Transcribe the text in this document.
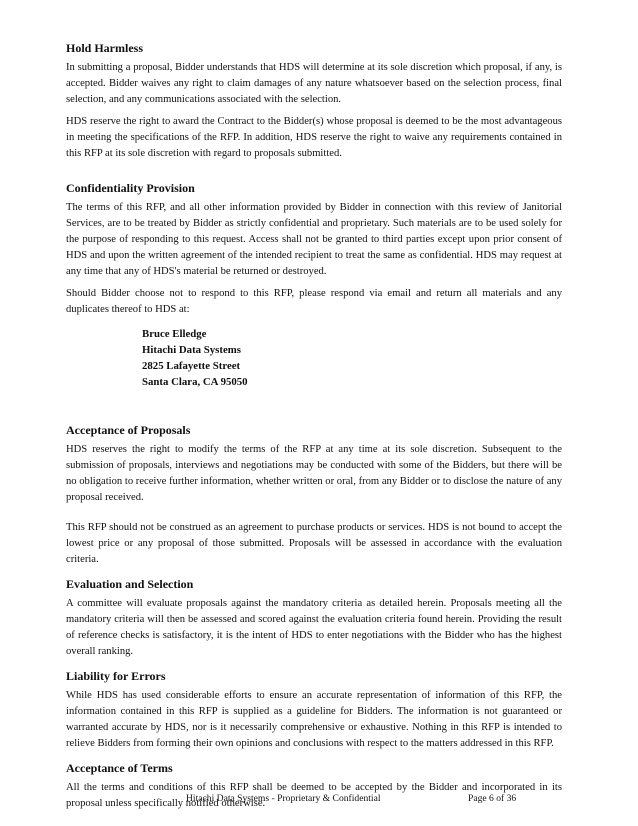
Hold Harmless

In submitting a proposal, Bidder understands that HDS will determine at its sole discretion which proposal, if any, is accepted. Bidder waives any right to claim damages of any nature whatsoever based on the selection process, final selection, and any communications associated with the selection.

HDS reserve the right to award the Contract to the Bidder(s) whose proposal is deemed to be the most advantageous in meeting the specifications of the RFP. In addition, HDS reserve the right to waive any requirements contained in this RFP at its sole discretion with regard to proposals submitted.

Confidentiality Provision

The terms of this RFP, and all other information provided by Bidder in connection with this review of Janitorial Services, are to be treated by Bidder as strictly confidential and proprietary. Such materials are to be used solely for the purpose of responding to this request. Access shall not be granted to third parties except upon prior consent of HDS and upon the written agreement of the intended recipient to treat the same as confidential. HDS may request at any time that any of HDS's material be returned or destroyed.

Should Bidder choose not to respond to this RFP, please respond via email and return all materials and any duplicates thereof to HDS at:

Bruce Elledge
Hitachi Data Systems
2825 Lafayette Street
Santa Clara, CA 95050
Acceptance of Proposals

HDS reserves the right to modify the terms of the RFP at any time at its sole discretion. Subsequent to the submission of proposals, interviews and negotiations may be conducted with some of the Bidders, but there will be no obligation to receive further information, whether written or oral, from any Bidder or to disclose the nature of any proposal received.

This RFP should not be construed as an agreement to purchase products or services. HDS is not bound to accept the lowest price or any proposal of those submitted. Proposals will be assessed in accordance with the evaluation criteria.

Evaluation and Selection

A committee will evaluate proposals against the mandatory criteria as detailed herein. Proposals meeting all the mandatory criteria will then be assessed and scored against the evaluation criteria found herein. Providing the result of reference checks is satisfactory, it is the intent of HDS to enter negotiations with the Bidder who has the highest overall ranking.

Liability for Errors

While HDS has used considerable efforts to ensure an accurate representation of information of this RFP, the information contained in this RFP is supplied as a guideline for Bidders. The information is not guaranteed or warranted accurate by HDS, nor is it necessarily comprehensive or exhaustive. Nothing in this RFP is intended to relieve Bidders from forming their own opinions and conclusions with respect to the matters addressed in this RFP.

Acceptance of Terms

All the terms and conditions of this RFP shall be deemed to be accepted by the Bidder and incorporated in its proposal unless specifically notified otherwise.

Hitachi Data Systems - Proprietary & Confidential	Page 6 of 36
